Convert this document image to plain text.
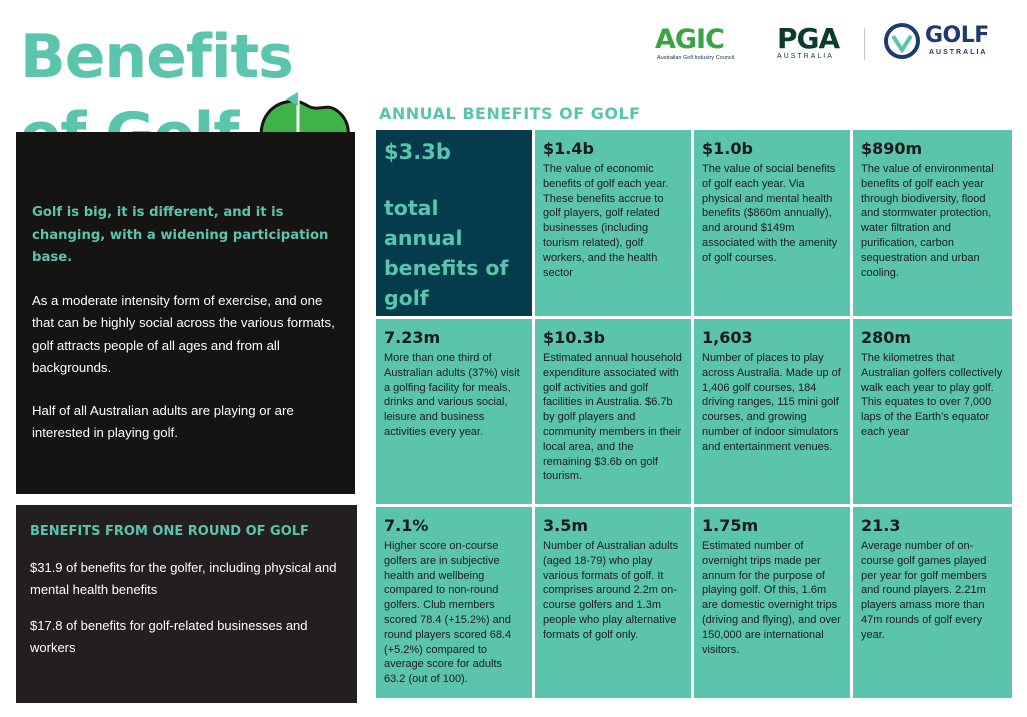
Benefits	AGIC
Australian Golf Industry Council
PGA
AUSTRALIA
GOLF
AUSTRALIA

Golf is big, it is different, and it is changing, with a widening participation base.

As a moderate intensity form of exercise, and one that can be highly social across the various formats, golf attracts people of all ages and from all backgrounds.

Half of all Australian adults are playing or are interested in playing golf.

BENEFITS FROM ONE ROUND OF GOLF

$31.9 of benefits for the golfer, including physical and mental health benefits

$17.8 of benefits for golf-related businesses and workers

ANNUAL BENEFITS OF GOLF

$3.3b

total annual benefits of golf

$1.4b

The value of economic benefits of golf each year. These benefits accrue to golf players, golf related businesses (including tourism related), golf workers, and the health sector

$1.0b

The value of social benefits of golf each year. Via physical and mental health benefits ($860m annually), and around $149m associated with the amenity of golf courses.

$890m

The value of environmental benefits of golf each year through biodiversity, flood and stormwater protection, water filtration and purification, carbon sequestration and urban cooling.

7.23m

More than one third of Australian adults (37%) visit a golfing facility for meals, drinks and various social, leisure and business activities every year.

$10.3b

Estimated annual household expenditure associated with golf activities and golf facilities in Australia. $6.7b by golf players and community members in their local area, and the remaining $3.6b on golf tourism.

1,603

Number of places to play across Australia. Made up of 1,406 golf courses, 184 driving ranges, 115 mini golf courses, and growing number of indoor simulators and entertainment venues.

280m

The kilometres that Australian golfers collectively walk each year to play golf. This equates to over 7,000 laps of the Earth’s equator each year

7.1%

Higher score on-course golfers are in subjective health and wellbeing compared to non-round golfers. Club members scored 78.4 (+15.2%) and round players scored 68.4 (+5.2%) compared to average score for adults 63.2 (out of 100).

3.5m

Number of Australian adults (aged 18-79) who play various formats of golf. It comprises around 2.2m on-course golfers and 1.3m people who play alternative formats of golf only.

1.75m

Estimated number of overnight trips made per annum for the purpose of playing golf. Of this, 1.6m are domestic overnight trips (driving and flying), and over 150,000 are international visitors.

21.3

Average number of on-course golf games played per year for golf members and round players. 2.21m players amass more than 47m rounds of golf every year.
